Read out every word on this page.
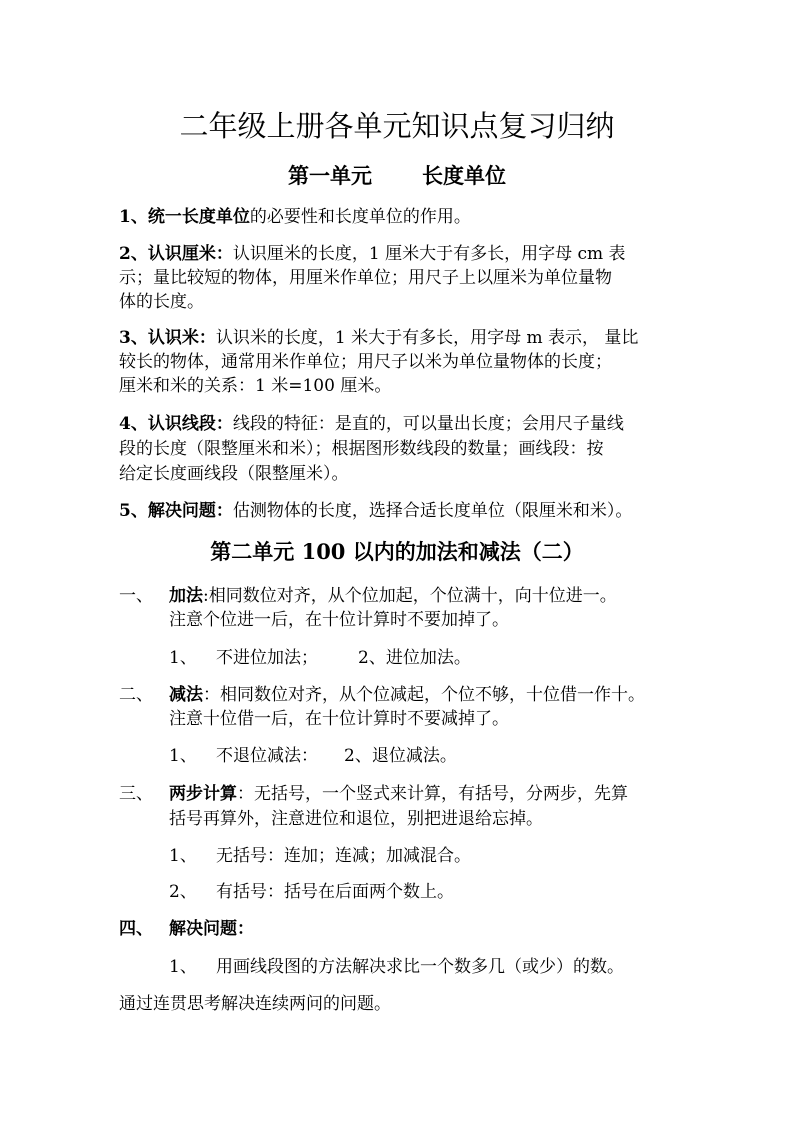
二年级上册各单元知识点复习归纳
第一单元 长度单位
1、统一长度单位的必要性和长度单位的作用。
2、认识厘米：认识厘米的长度，1 厘米大于有多长，用字母 cm 表
示；量比较短的物体，用厘米作单位；用尺子上以厘米为单位量物
体的长度。
3、认识米：认识米的长度，1 米大于有多长，用字母 m 表示， 量比
较长的物体，通常用米作单位；用尺子以米为单位量物体的长度；
厘米和米的关系：1 米=100 厘米。
4、认识线段：线段的特征：是直的，可以量出长度；会用尺子量线
段的长度（限整厘米和米）；根据图形数线段的数量；画线段：按
给定长度画线段（限整厘米）。
5、解决问题：估测物体的长度，选择合适长度单位（限厘米和米）。
第二单元 100 以内的加法和减法（二）
一、 加法:相同数位对齐，从个位加起，个位满十，向十位进一。
注意个位进一后，在十位计算时不要加掉了。
1、 不进位加法； 2、进位加法。
二、 减法：相同数位对齐，从个位减起，个位不够，十位借一作十。
注意十位借一后，在十位计算时不要减掉了。
1、 不退位减法： 2、退位减法。
三、 两步计算：无括号，一个竖式来计算，有括号，分两步，先算
括号再算外，注意进位和退位，别把进退给忘掉。
1、 无括号：连加；连减；加减混合。
2、 有括号：括号在后面两个数上。
四、 解决问题：
1、 用画线段图的方法解决求比一个数多几（或少）的数。
通过连贯思考解决连续两问的问题。
